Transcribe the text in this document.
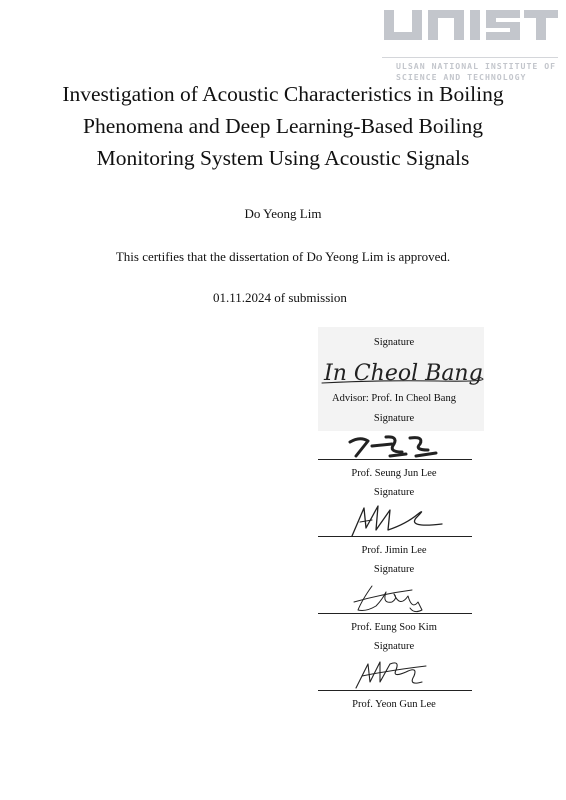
ULSAN NATIONAL INSTITUTE OF
SCIENCE AND TECHNOLOGY
Investigation of Acoustic Characteristics in Boiling
Phenomena and Deep Learning-Based Boiling
Monitoring System Using Acoustic Signals
Do Yeong Lim
This certifies that the dissertation of Do Yeong Lim is approved.
01.11.2024 of submission
Signature
In Cheol Bang
Advisor: Prof. In Cheol Bang
Signature
Prof. Seung Jun Lee
Signature
Prof. Jimin Lee
Signature
Prof. Eung Soo Kim
Signature
Prof. Yeon Gun Lee
